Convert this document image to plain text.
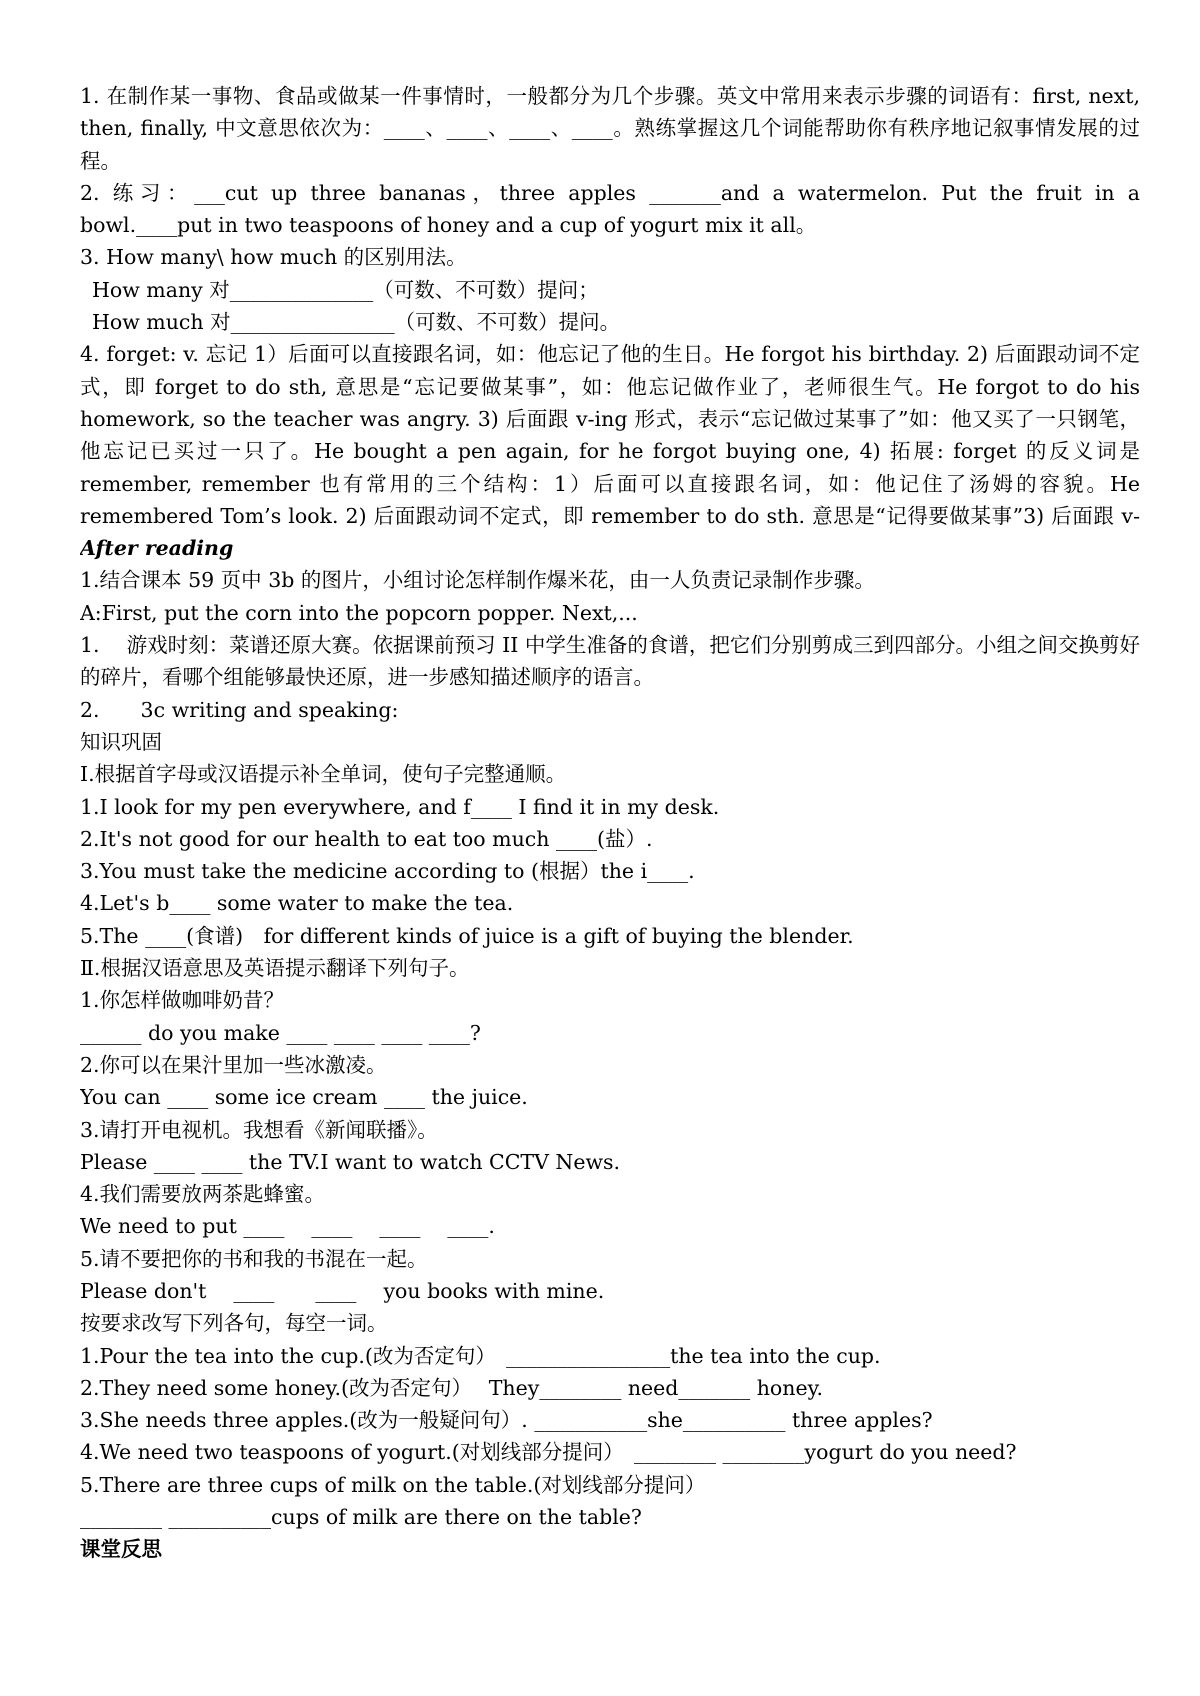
1. 在制作某一事物、食品或做某一件事情时，一般都分为几个步骤。英文中常用来表示步骤的词语有：first, next, then, finally, 中文意思依次为：____、____、____、____。熟练掌握这几个词能帮助你有秩序地记叙事情发展的过程。
2. 练习：___cut up three bananas，three apples _______and a watermelon. Put the fruit in a bowl.____put in two teaspoons of honey and a cup of yogurt mix it all。
3. How many\ how much 的区别用法。
How many 对______________（可数、不可数）提问；
How much 对________________（可数、不可数）提问。
4. forget: v. 忘记 1）后面可以直接跟名词，如：他忘记了他的生日。He forgot his birthday. 2) 后面跟动词不定式，即 forget to do sth, 意思是“忘记要做某事”，如：他忘记做作业了，老师很生气。He forgot to do his homework, so the teacher was angry. 3) 后面跟 v-ing 形式，表示“忘记做过某事了”如：他又买了一只钢笔，他忘记已买过一只了。He bought a pen again, for he forgot buying one, 4) 拓展: forget 的反义词是 remember, remember 也有常用的三个结构：1）后面可以直接跟名词，如：他记住了汤姆的容貌。He remembered Tom’s look. 2) 后面跟动词不定式，即 remember to do sth. 意思是“记得要做某事”3) 后面跟 v-
After reading
1.结合课本 59 页中 3b 的图片，小组讨论怎样制作爆米花，由一人负责记录制作步骤。
A:First, put the corn into the popcorn popper. Next,...
1.　 游戏时刻：菜谱还原大赛。依据课前预习 II 中学生准备的食谱，把它们分别剪成三到四部分。小组之间交换剪好的碎片，看哪个组能够最快还原，进一步感知描述顺序的语言。
2.　　3c writing and speaking:
知识巩固
Ⅰ.根据首字母或汉语提示补全单词，使句子完整通顺。
1.I look for my pen everywhere, and f____ I find it in my desk.
2.It's not good for our health to eat too much ____(盐）.
3.You must take the medicine according to (根据）the i____.
4.Let's b____ some water to make the tea.
5.The ____(食谱)　for different kinds of juice is a gift of buying the blender.
Ⅱ.根据汉语意思及英语提示翻译下列句子。
1.你怎样做咖啡奶昔？
______ do you make ____ ____ ____ ____?
2.你可以在果汁里加一些冰激凌。
You can ____ some ice cream ____ the juice.
3.请打开电视机。我想看《新闻联播》。
Please ____ ____ the TV.I want to watch CCTV News.
4.我们需要放两茶匙蜂蜜。
We need to put ____　 ____　 ____　 ____.
5.请不要把你的书和我的书混在一起。
Please don't　 ____　　____　 you books with mine.
按要求改写下列各句，每空一词。
1.Pour the tea into the cup.(改为否定句）　________________the tea into the cup.
2.They need some honey.(改为否定句）　 They________ need_______ honey.
3.She needs three apples.(改为一般疑问句）. ___________she__________ three apples?
4.We need two teaspoons of yogurt.(对划线部分提问）　________ ________yogurt do you need?
5.There are three cups of milk on the table.(对划线部分提问）
________ __________cups of milk are there on the table?
课堂反思
